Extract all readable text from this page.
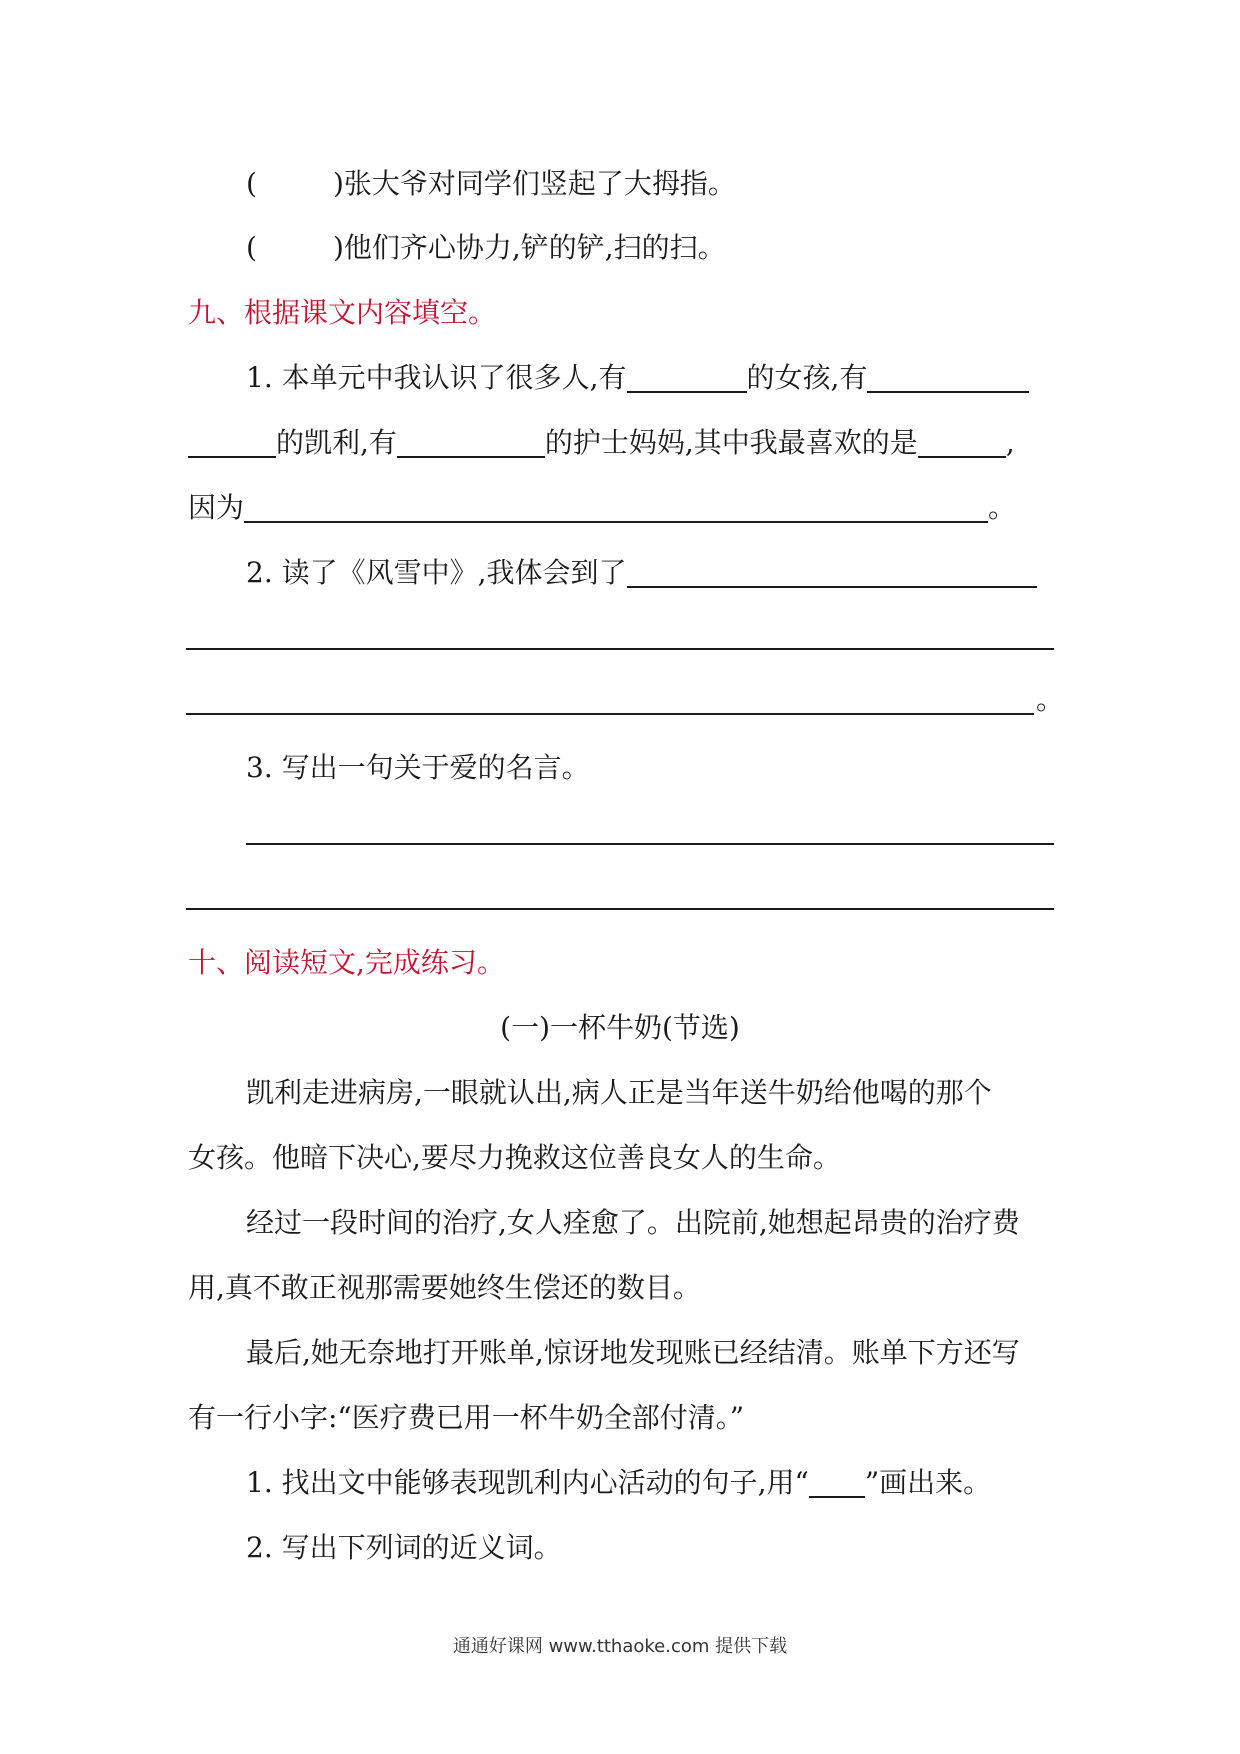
(	)张大爷对同学们竖起了大拇指。
(	)他们齐心协力,铲的铲,扫的扫。
九、根据课文内容填空。
1. 本单元中我认识了很多人,有	的女孩,有
的凯利,有	的护士妈妈,其中我最喜欢的是	,
因为	。
2. 读了《风雪中》,我体会到了
。
3. 写出一句关于爱的名言。
十、阅读短文,完成练习。
(一)一杯牛奶(节选)
凯利走进病房,一眼就认出,病人正是当年送牛奶给他喝的那个
女孩。他暗下决心,要尽力挽救这位善良女人的生命。
经过一段时间的治疗,女人痊愈了。出院前,她想起昂贵的治疗费
用,真不敢正视那需要她终生偿还的数目。
最后,她无奈地打开账单,惊讶地发现账已经结清。账单下方还写
有一行小字:“医疗费已用一杯牛奶全部付清。”
1. 找出文中能够表现凯利内心活动的句子,用“ ”画出来。
2. 写出下列词的近义词。
通通好课网 www.tthaoke.com 提供下载
